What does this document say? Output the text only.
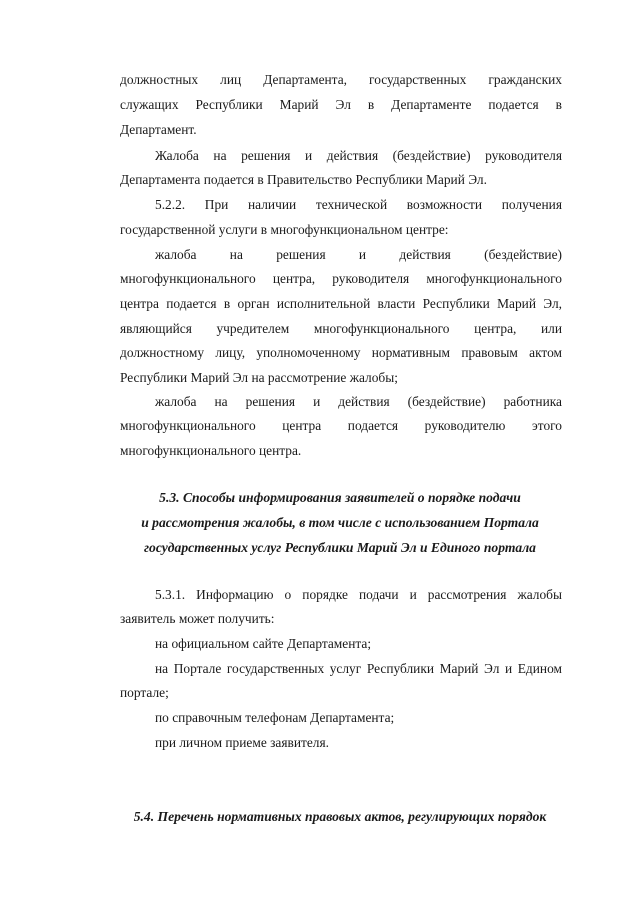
должностных лиц Департамента, государственных гражданских
служащих Республики Марий Эл в Департаменте подается в
Департамент.
Жалоба на решения и действия (бездействие) руководителя
Департамента подается в Правительство Республики Марий Эл.
5.2.2. При наличии технической возможности получения
государственной услуги в многофункциональном центре:
жалоба на решения и действия (бездействие)
многофункционального центра, руководителя многофункционального
центра подается в орган исполнительной власти Республики Марий Эл,
являющийся учредителем многофункционального центра, или
должностному лицу, уполномоченному нормативным правовым актом
Республики Марий Эл на рассмотрение жалобы;
жалоба на решения и действия (бездействие) работника
многофункционального центра подается руководителю этого
многофункционального центра.
5.3. Способы информирования заявителей о порядке подачи
и рассмотрения жалобы, в том числе с использованием Портала
государственных услуг Республики Марий Эл и Единого портала
5.3.1. Информацию о порядке подачи и рассмотрения жалобы
заявитель может получить:
на официальном сайте Департамента;
на Портале государственных услуг Республики Марий Эл и Едином
портале;
по справочным телефонам Департамента;
при личном приеме заявителя.
5.4. Перечень нормативных правовых актов, регулирующих порядок
